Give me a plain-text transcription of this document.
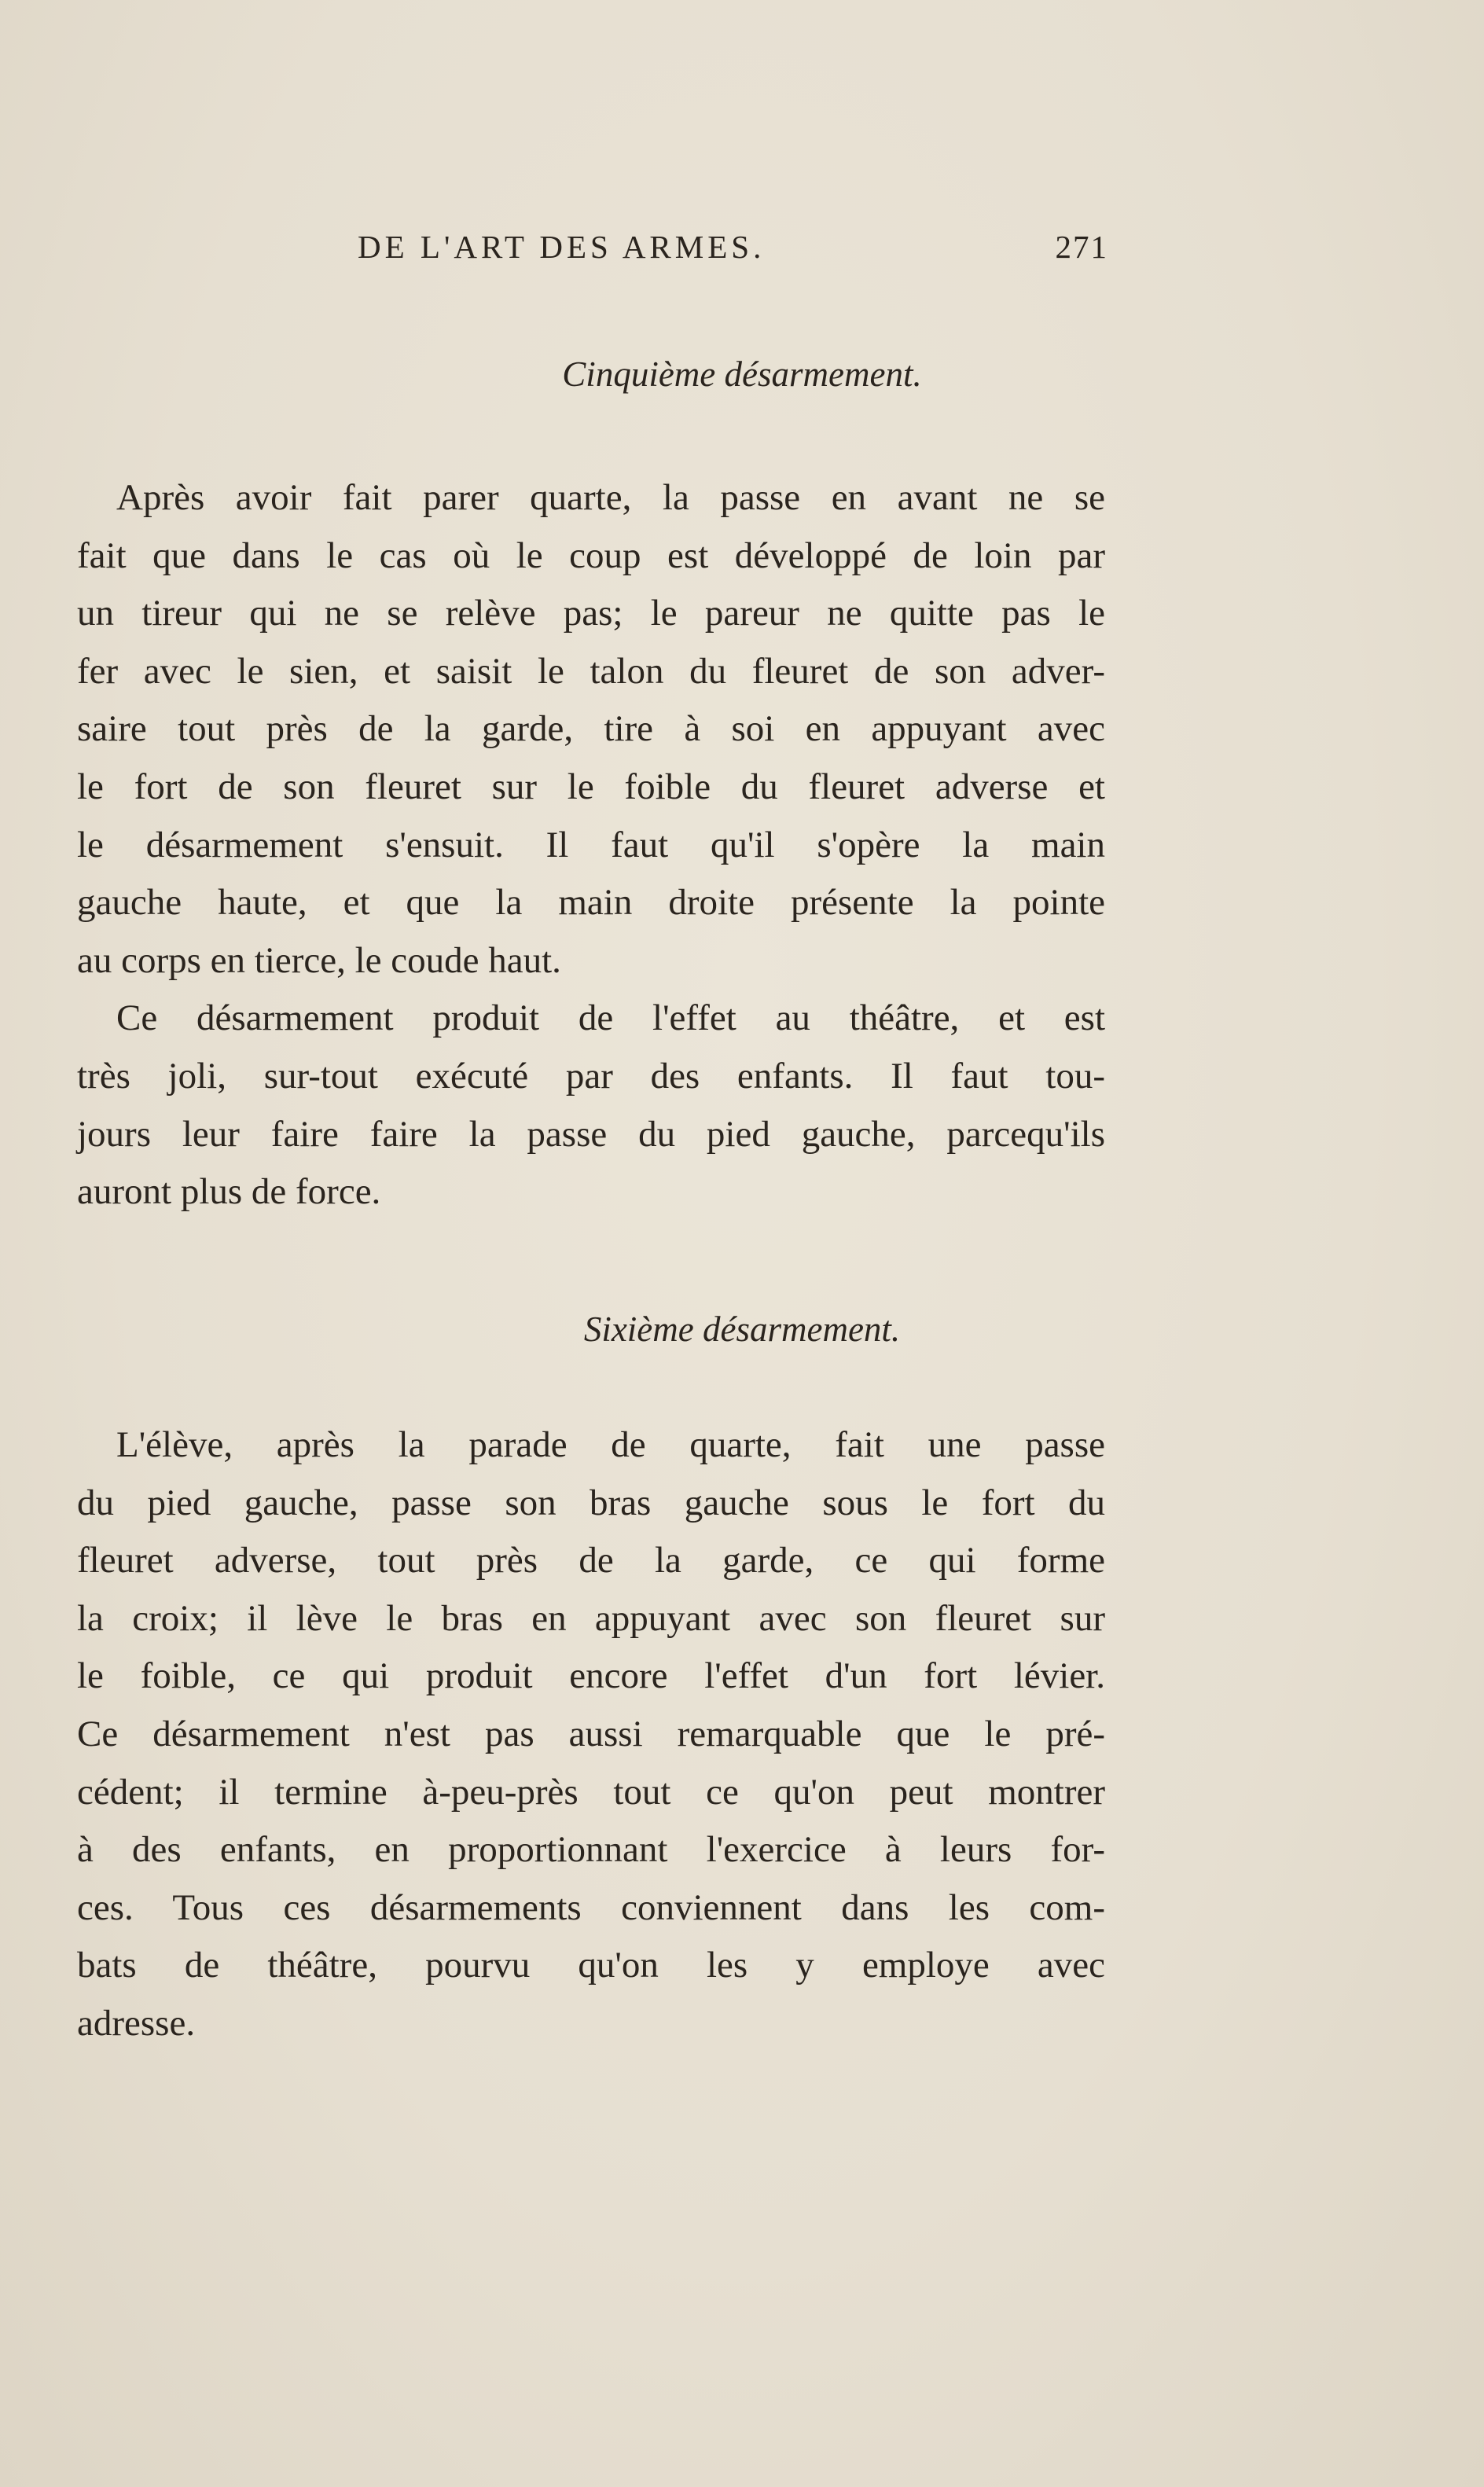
DE L'ART DES ARMES.	271
Cinquième désarmement.
Après avoir fait parer quarte, la passe en avant ne se
fait que dans le cas où le coup est développé de loin par
un tireur qui ne se relève pas; le pareur ne quitte pas le
fer avec le sien, et saisit le talon du fleuret de son adver-
saire tout près de la garde, tire à soi en appuyant avec
le fort de son fleuret sur le foible du fleuret adverse et
le désarmement s'ensuit. Il faut qu'il s'opère la main
gauche haute, et que la main droite présente la pointe
au corps en tierce, le coude haut.
Ce désarmement produit de l'effet au théâtre, et est
très joli, sur-tout exécuté par des enfants. Il faut tou-
jours leur faire faire la passe du pied gauche, parcequ'ils
auront plus de force.
Sixième désarmement.
L'élève, après la parade de quarte, fait une passe
du pied gauche, passe son bras gauche sous le fort du
fleuret adverse, tout près de la garde, ce qui forme
la croix; il lève le bras en appuyant avec son fleuret sur
le foible, ce qui produit encore l'effet d'un fort lévier.
Ce désarmement n'est pas aussi remarquable que le pré-
cédent; il termine à-peu-près tout ce qu'on peut montrer
à des enfants, en proportionnant l'exercice à leurs for-
ces. Tous ces désarmements conviennent dans les com-
bats de théâtre, pourvu qu'on les y employe avec
adresse.
